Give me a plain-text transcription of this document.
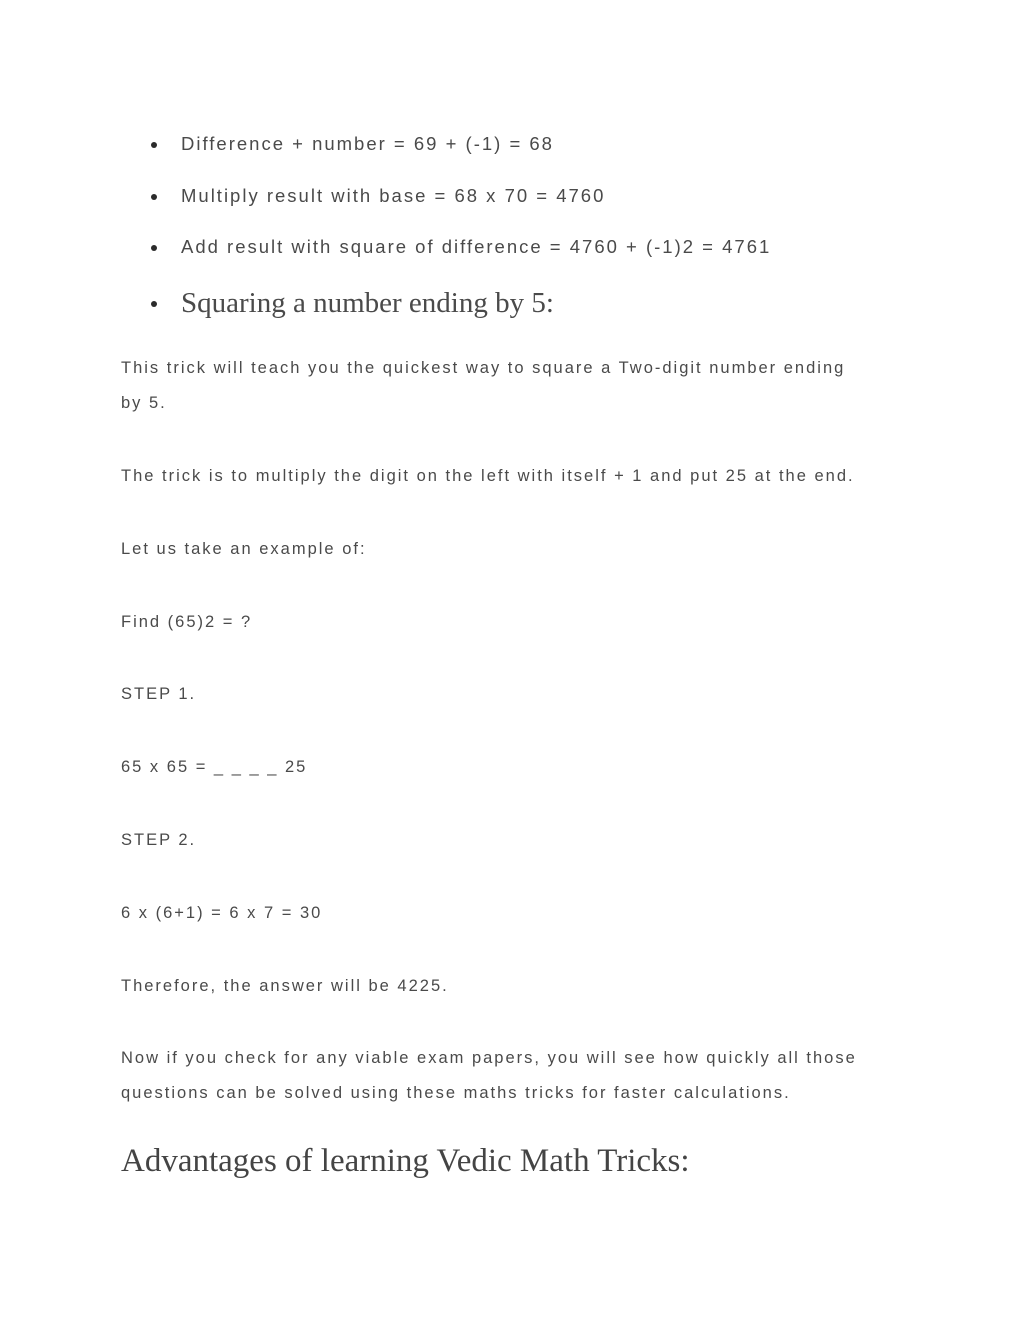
Difference + number = 69 + (-1) = 68
Multiply result with base = 68 x 70 = 4760
Add result with square of difference = 4760 + (-1)2 = 4761
Squaring a number ending by 5:

This trick will teach you the quickest way to square a Two-digit number ending

by 5.

The trick is to multiply the digit on the left with itself + 1 and put 25 at the end.

Let us take an example of:

Find (65)2 = ?

STEP 1.

65 x 65 = _ _ _ _ 25

STEP 2.

6 x (6+1) = 6 x 7 = 30

Therefore, the answer will be 4225.

Now if you check for any viable exam papers, you will see how quickly all those

questions can be solved using these maths tricks for faster calculations.

Advantages of learning Vedic Math Tricks:
